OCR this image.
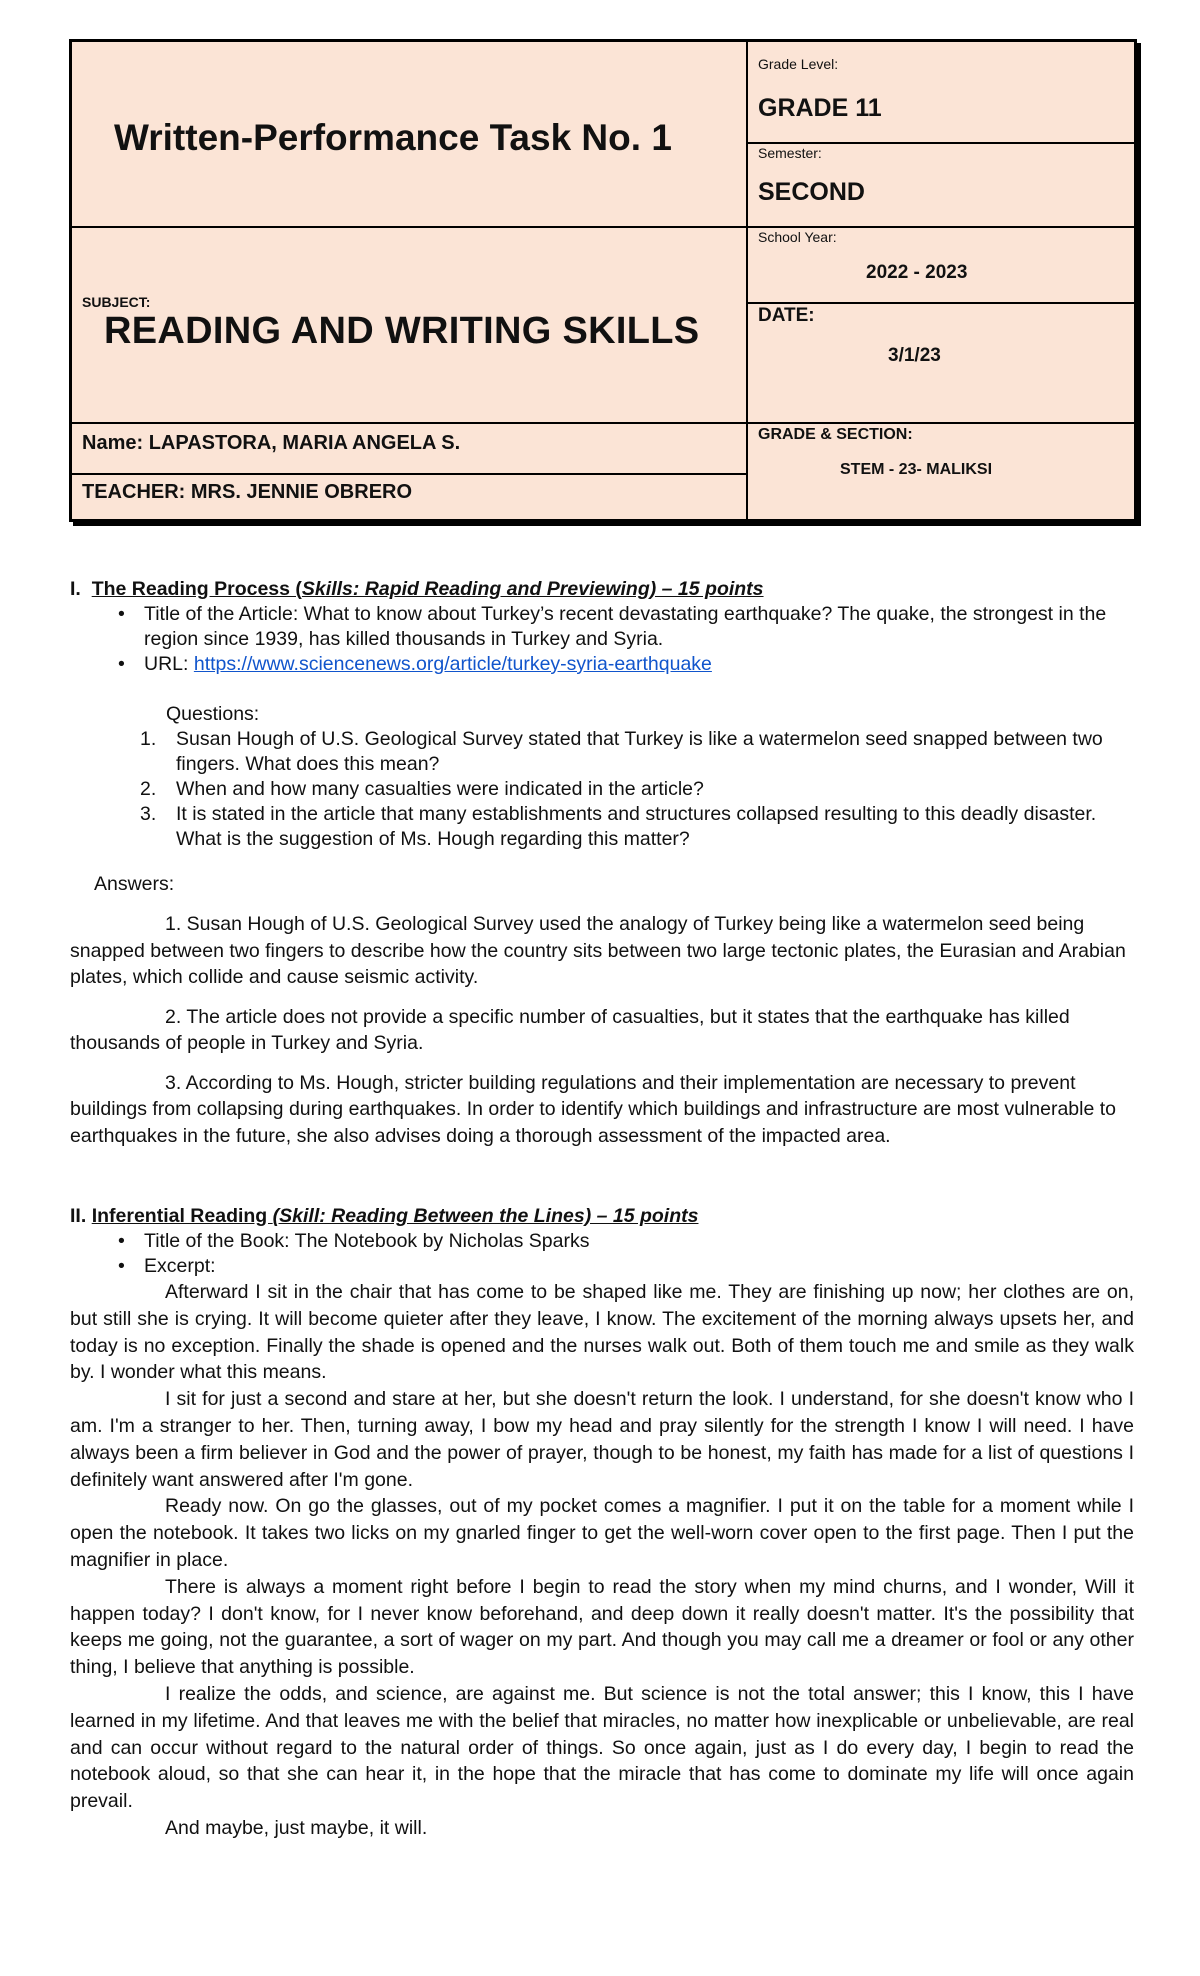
Written-Performance Task No. 1
Grade Level:
GRADE 11
Semester:
SECOND
School Year:
2022 - 2023
SUBJECT:
READING AND WRITING SKILLS	DATE:
3/1/23
Name: LAPASTORA, MARIA ANGELA S.
TEACHER: MRS. JENNIE OBRERO
GRADE & SECTION:
STEM - 23- MALIKSI
I. The Reading Process (Skills: Rapid Reading and Previewing) – 15 points
• Title of the Article: What to know about Turkey’s recent devastating earthquake? The quake, the strongest in the region since 1939, has killed thousands in Turkey and Syria.
• URL: https://www.sciencenews.org/article/turkey-syria-earthquake
Questions:
1. Susan Hough of U.S. Geological Survey stated that Turkey is like a watermelon seed snapped between two fingers. What does this mean?
2. When and how many casualties were indicated in the article?
3. It is stated in the article that many establishments and structures collapsed resulting to this deadly disaster. What is the suggestion of Ms. Hough regarding this matter?
Answers:

1. Susan Hough of U.S. Geological Survey used the analogy of Turkey being like a watermelon seed being snapped between two fingers to describe how the country sits between two large tectonic plates, the Eurasian and Arabian plates, which collide and cause seismic activity.

2. The article does not provide a specific number of casualties, but it states that the earthquake has killed thousands of people in Turkey and Syria.

3. According to Ms. Hough, stricter building regulations and their implementation are necessary to prevent buildings from collapsing during earthquakes. In order to identify which buildings and infrastructure are most vulnerable to earthquakes in the future, she also advises doing a thorough assessment of the impacted area.

II. Inferential Reading (Skill: Reading Between the Lines) – 15 points
• Title of the Book: The Notebook by Nicholas Sparks
• Excerpt:

Afterward I sit in the chair that has come to be shaped like me. They are finishing up now; her clothes are on, but still she is crying. It will become quieter after they leave, I know. The excitement of the morning always upsets her, and today is no exception. Finally the shade is opened and the nurses walk out. Both of them touch me and smile as they walk by. I wonder what this means.

I sit for just a second and stare at her, but she doesn't return the look. I understand, for she doesn't know who I am. I'm a stranger to her. Then, turning away, I bow my head and pray silently for the strength I know I will need. I have always been a firm believer in God and the power of prayer, though to be honest, my faith has made for a list of questions I definitely want answered after I'm gone.

Ready now. On go the glasses, out of my pocket comes a magnifier. I put it on the table for a moment while I open the notebook. It takes two licks on my gnarled finger to get the well-worn cover open to the first page. Then I put the magnifier in place.

There is always a moment right before I begin to read the story when my mind churns, and I wonder, Will it happen today? I don't know, for I never know beforehand, and deep down it really doesn't matter. It's the possibility that keeps me going, not the guarantee, a sort of wager on my part. And though you may call me a dreamer or fool or any other thing, I believe that anything is possible.

I realize the odds, and science, are against me. But science is not the total answer; this I know, this I have learned in my lifetime. And that leaves me with the belief that miracles, no matter how inexplicable or unbelievable, are real and can occur without regard to the natural order of things. So once again, just as I do every day, I begin to read the notebook aloud, so that she can hear it, in the hope that the miracle that has come to dominate my life will once again prevail.

And maybe, just maybe, it will.
